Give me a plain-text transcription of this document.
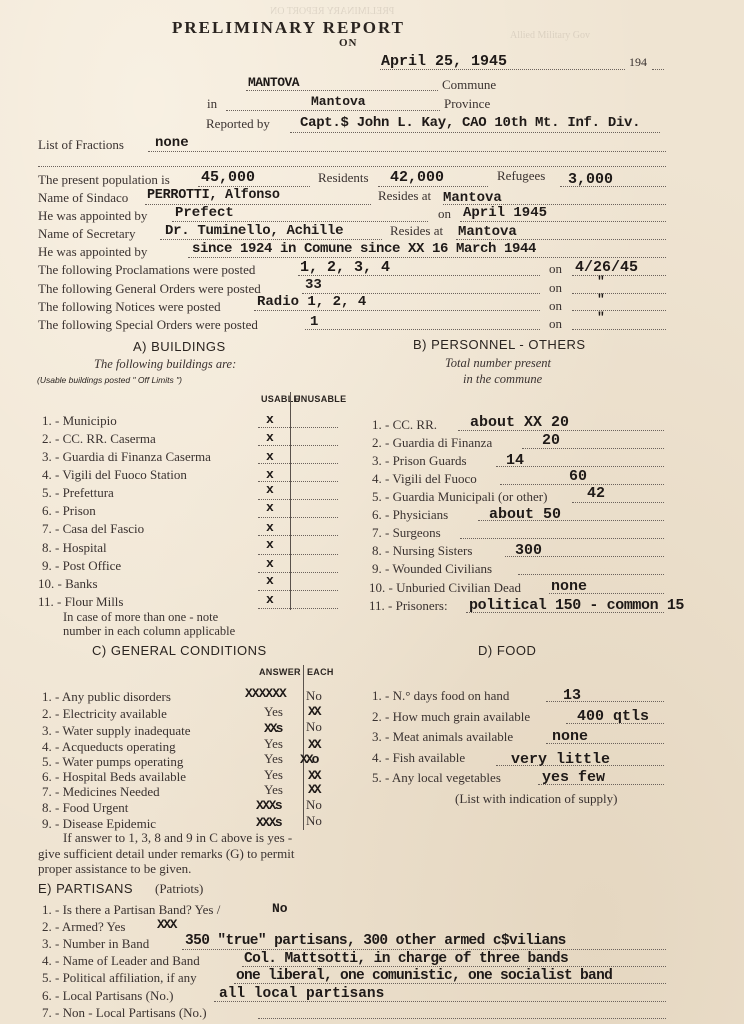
PRELIMINARY REPORT ON
Allied Military Gov
PRELIMINARY REPORT
ON
April 25, 1945	194
MANTOVA	Commune
in	Mantova	Province
Reported by Capt.$ John L. Kay, CAO 10th Mt. Inf. Div.
List of Fractions none
The present population is 45,000	Residents 42,000	Refugees 3,000
Name of Sindaco PERROTTI, Alfonso	Resides at Mantova
He was appointed by Prefect	on April 1945
Name of Secretary Dr. Tuminello, Achille	Resides at Mantova
He was appointed by	since 1924 in Comune since XX 16 March 1944
The following Proclamations were posted	1, 2, 3, 4	on 4/26/45
The following General Orders were posted	33	on	"
The following Notices were posted	Radio 1, 2, 4	on	"
The following Special Orders were posted	1	on	"
A) BUILDINGS
The following buildings are:
(Usable buildings posted " Off Limits ")
USABLE
UNUSABLE
1. - Municipio	x
2. - CC. RR. Caserma	x
3. - Guardia di Finanza Caserma	x
4. - Vigili del Fuoco Station	x
5. - Prefettura	x
6. - Prison	x
7. - Casa del Fascio	x
8. - Hospital	x
9. - Post Office	x
10. - Banks	x
11. - Flour Mills	x
In case of more than one - note
number in each column applicable
B) PERSONNEL - OTHERS
Total number present
in the commune
1. - CC. RR. about XX 20
2. - Guardia di Finanza	20
3. - Prison Guards	14
4. - Vigili del Fuoco	60
5. - Guardia Municipali (or other)	42
6. - Physicians	about 50
7. - Surgeons
8. - Nursing Sisters	300
9. - Wounded Civilians
10. - Unburied Civilian Dead none
11. - Prisoners: political 150 - common 15
C) GENERAL CONDITIONS
ANSWER EACH
1. - Any public disorders	XXXXXX No
2. - Electricity available	Yes XX
3. - Water supply inadequate	XXs No
4. - Acqueducts operating	Yes XX
5. - Water pumps operating	Yes XXo
6. - Hospital Beds available	Yes XX
7. - Medicines Needed	Yes XX
8. - Food Urgent	XXXs No
9. - Disease Epidemic	XXXs No
If answer to 1, 3, 8 and 9 in C above is yes -
give sufficient detail under remarks (G) to permit
proper assistance to be given.
D) FOOD
1. - N.° days food on hand	13
2. - How much grain available	400 qtls
3. - Meat animals available	none
4. - Fish available	very little
5. - Any local vegetables	yes few
(List with indication of supply)
E) PARTISANS (Patriots)
1. - Is there a Partisan Band? Yes /	No
2. - Armed? Yes XXX
3. - Number in Band 350 "true" partisans, 300 other armed c$vilians
4. - Name of Leader and Band	Col. Mattsotti, in charge of three bands
5. - Political affiliation, if any	one liberal, one comunistic, one socialist band
6. - Local Partisans (No.)	all local partisans
7. - Non - Local Partisans (No.)
